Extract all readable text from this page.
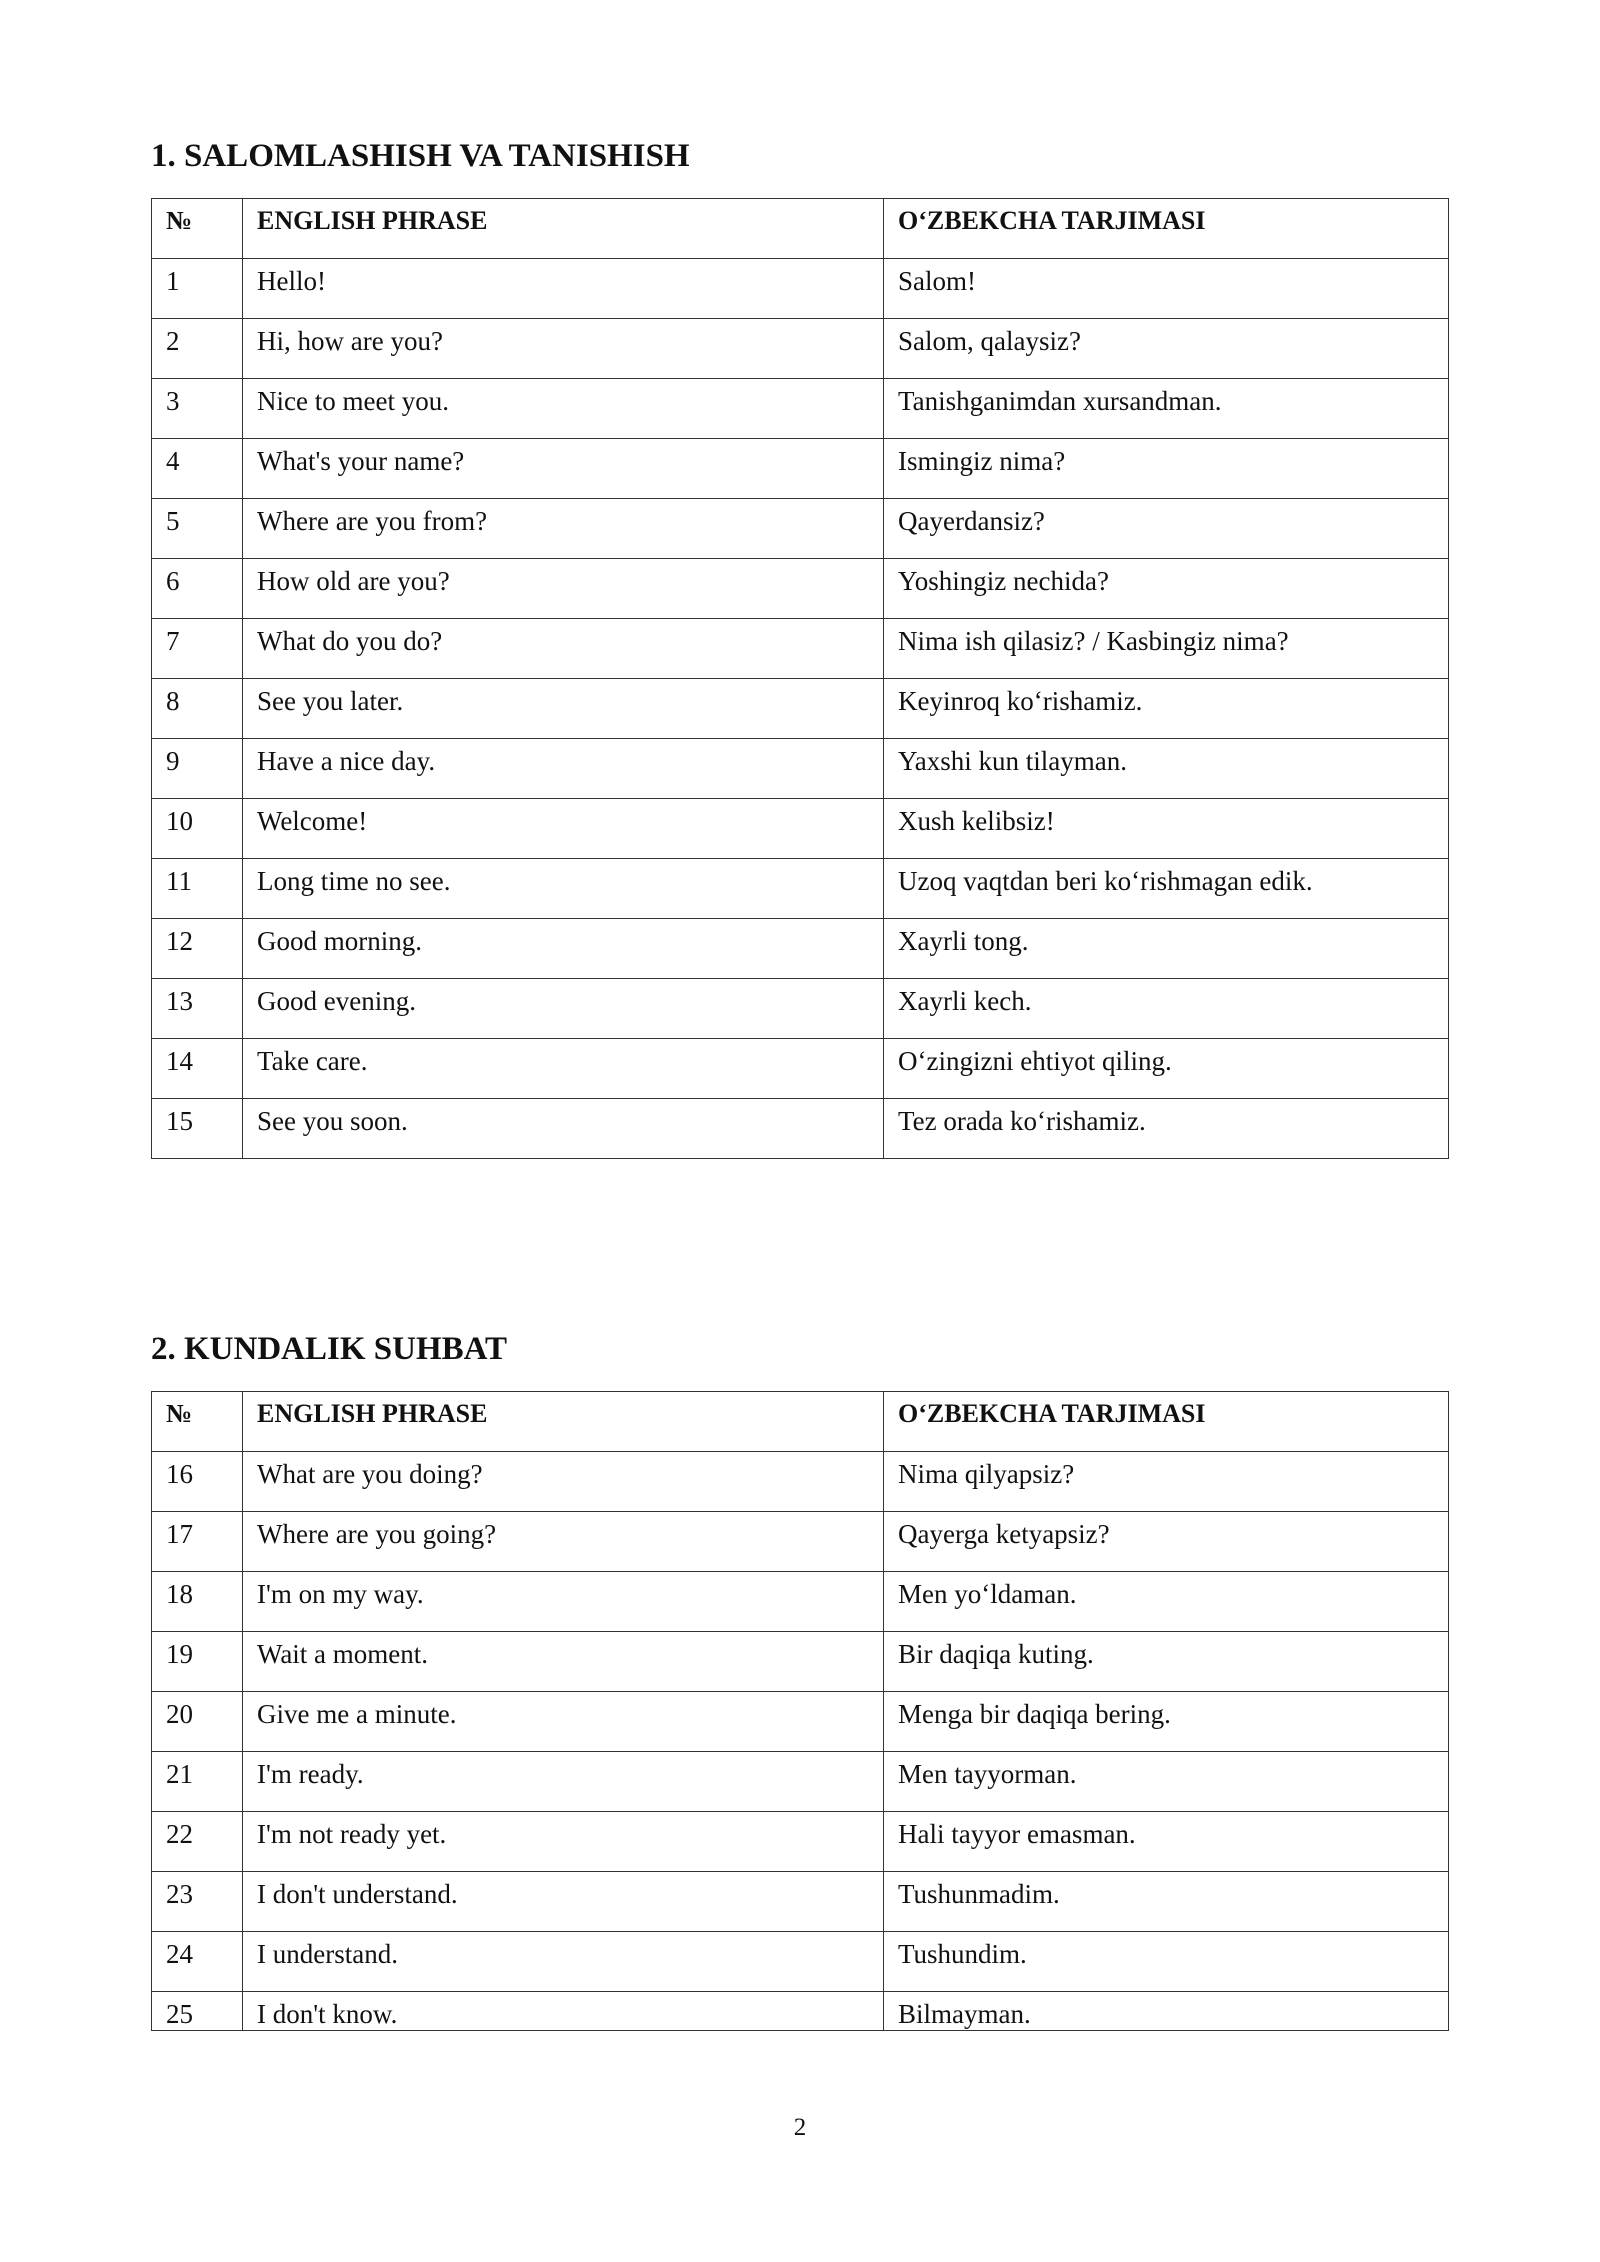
1. SALOMLASHISH VA TANISHISH
№	ENGLISH PHRASE	O‘ZBEKCHA TARJIMASI
1	Hello!	Salom!
2	Hi, how are you?	Salom, qalaysiz?
3	Nice to meet you.	Tanishganimdan xursandman.
4	What's your name?	Ismingiz nima?
5	Where are you from?	Qayerdansiz?
6	How old are you?	Yoshingiz nechida?
7	What do you do?	Nima ish qilasiz? / Kasbingiz nima?
8	See you later.	Keyinroq ko‘rishamiz.
9	Have a nice day.	Yaxshi kun tilayman.
10	Welcome!	Xush kelibsiz!
11	Long time no see.	Uzoq vaqtdan beri ko‘rishmagan edik.
12	Good morning.	Xayrli tong.
13	Good evening.	Xayrli kech.
14	Take care.	O‘zingizni ehtiyot qiling.
15	See you soon.	Tez orada ko‘rishamiz.
2. KUNDALIK SUHBAT
№	ENGLISH PHRASE	O‘ZBEKCHA TARJIMASI
16	What are you doing?	Nima qilyapsiz?
17	Where are you going?	Qayerga ketyapsiz?
18	I'm on my way.	Men yo‘ldaman.
19	Wait a moment.	Bir daqiqa kuting.
20	Give me a minute.	Menga bir daqiqa bering.
21	I'm ready.	Men tayyorman.
22	I'm not ready yet.	Hali tayyor emasman.
23	I don't understand.	Tushunmadim.
24	I understand.	Tushundim.
25	I don't know.	Bilmayman.
2
